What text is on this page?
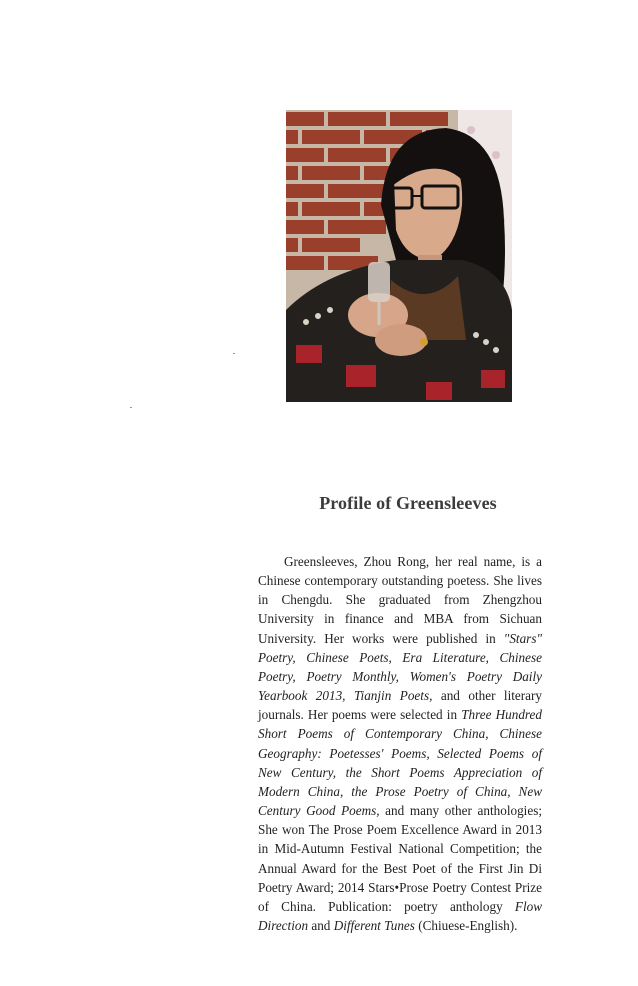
Profile of Greensleeves

Greensleeves, Zhou Rong, her real name, is a Chinese contemporary outstanding poetess. She lives in Chengdu. She graduated from Zhengzhou University in finance and MBA from Sichuan University. Her works were published in "Stars" Poetry, Chinese Poets, Era Literature, Chinese Poetry, Poetry Monthly, Women's Poetry Daily Yearbook 2013, Tianjin Poets, and other literary journals. Her poems were selected in Three Hundred Short Poems of Contemporary China, Chinese Geography: Poetesses' Poems, Selected Poems of New Century, the Short Poems Appreciation of Modern China, the Prose Poetry of China, New Century Good Poems, and many other anthologies; She won The Prose Poem Excellence Award in 2013 in Mid-Autumn Festival National Competition; the Annual Award for the Best Poet of the First Jin Di Poetry Award; 2014 Stars•Prose Poetry Contest Prize of China. Publication: poetry anthology Flow Direction and Different Tunes (Chiuese-English).
